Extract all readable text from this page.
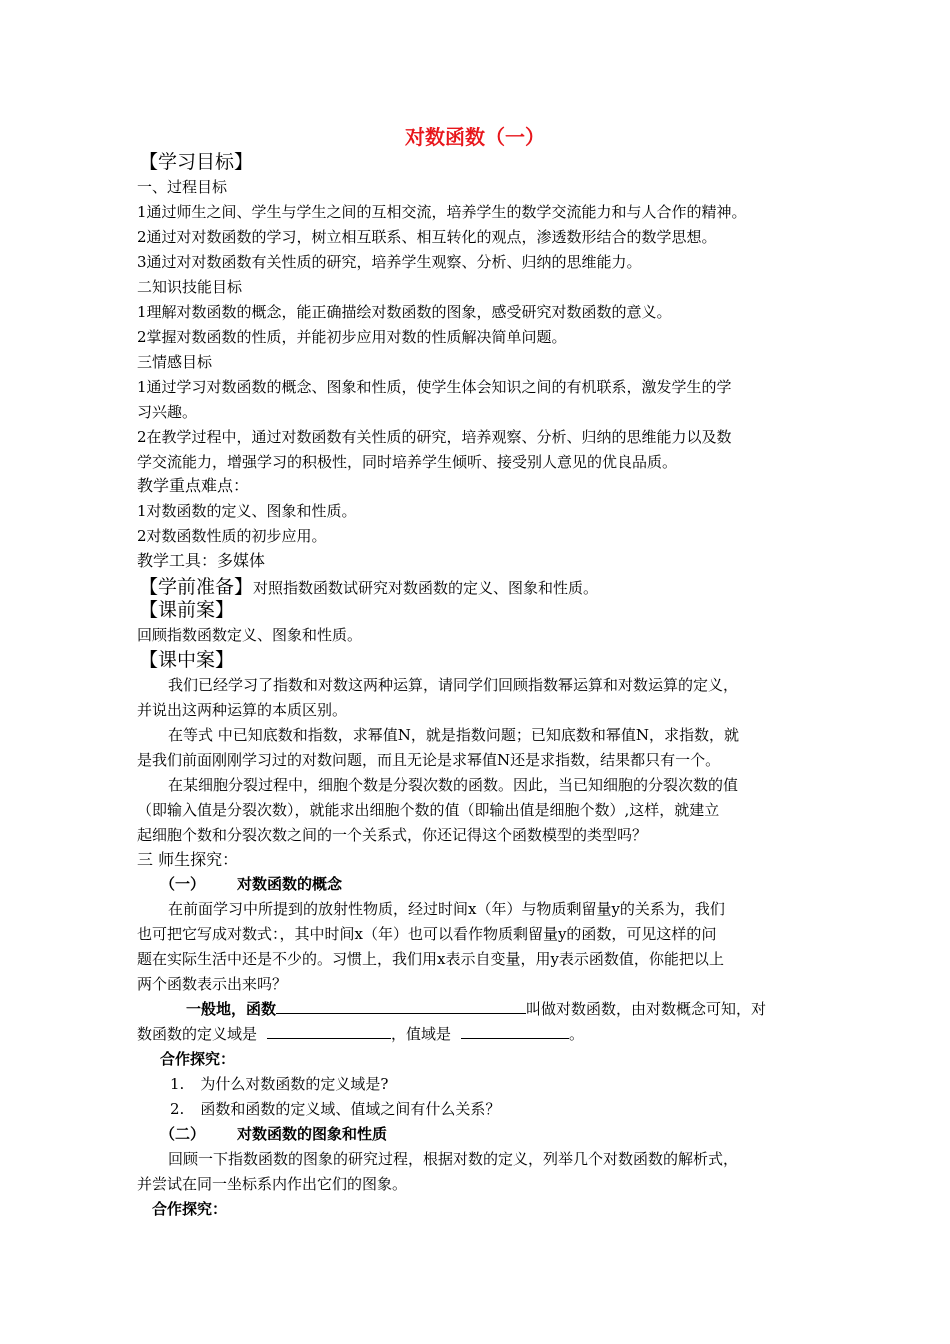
对数函数（一）
【学习目标】
一、过程目标
1通过师生之间、学生与学生之间的互相交流，培养学生的数学交流能力和与人合作的精神。
2通过对对数函数的学习，树立相互联系、相互转化的观点，渗透数形结合的数学思想。
3通过对对数函数有关性质的研究，培养学生观察、分析、归纳的思维能力。
二知识技能目标
1理解对数函数的概念，能正确描绘对数函数的图象，感受研究对数函数的意义。
2掌握对数函数的性质，并能初步应用对数的性质解决简单问题。
三情感目标
1通过学习对数函数的概念、图象和性质，使学生体会知识之间的有机联系，激发学生的学
习兴趣。
2在教学过程中，通过对数函数有关性质的研究，培养观察、分析、归纳的思维能力以及数
学交流能力，增强学习的积极性，同时培养学生倾听、接受别人意见的优良品质。
教学重点难点：
1对数函数的定义、图象和性质。
2对数函数性质的初步应用。
教学工具：多媒体
【学前准备】对照指数函数试研究对数函数的定义、图象和性质。
【课前案】
回顾指数函数定义、图象和性质。
【课中案】
我们已经学习了指数和对数这两种运算，请同学们回顾指数幂运算和对数运算的定义，
并说出这两种运算的本质区别。
在等式 中已知底数和指数，求幂值N，就是指数问题；已知底数和幂值N，求指数，就
是我们前面刚刚学习过的对数问题，而且无论是求幂值N还是求指数，结果都只有一个。
在某细胞分裂过程中，细胞个数是分裂次数的函数。因此，当已知细胞的分裂次数的值
（即输入值是分裂次数），就能求出细胞个数的值（即输出值是细胞个数）,这样，就建立
起细胞个数和分裂次数之间的一个关系式，你还记得这个函数模型的类型吗？
三 师生探究：
（一） 对数函数的概念
在前面学习中所提到的放射性物质，经过时间x（年）与物质剩留量y的关系为，我们
也可把它写成对数式：，其中时间x（年）也可以看作物质剩留量y的函数，可见这样的问
题在实际生活中还是不少的。习惯上，我们用x表示自变量，用y表示函数值，你能把以上
两个函数表示出来吗？
一般地，函数	叫做对数函数，由对数概念可知，对
数函数的定义域是	，值域是	。
合作探究：
1. 为什么对数函数的定义域是?
2. 函数和函数的定义域、值域之间有什么关系？
（二） 对数函数的图象和性质
回顾一下指数函数的图象的研究过程，根据对数的定义，列举几个对数函数的解析式，
并尝试在同一坐标系内作出它们的图象。
合作探究：
